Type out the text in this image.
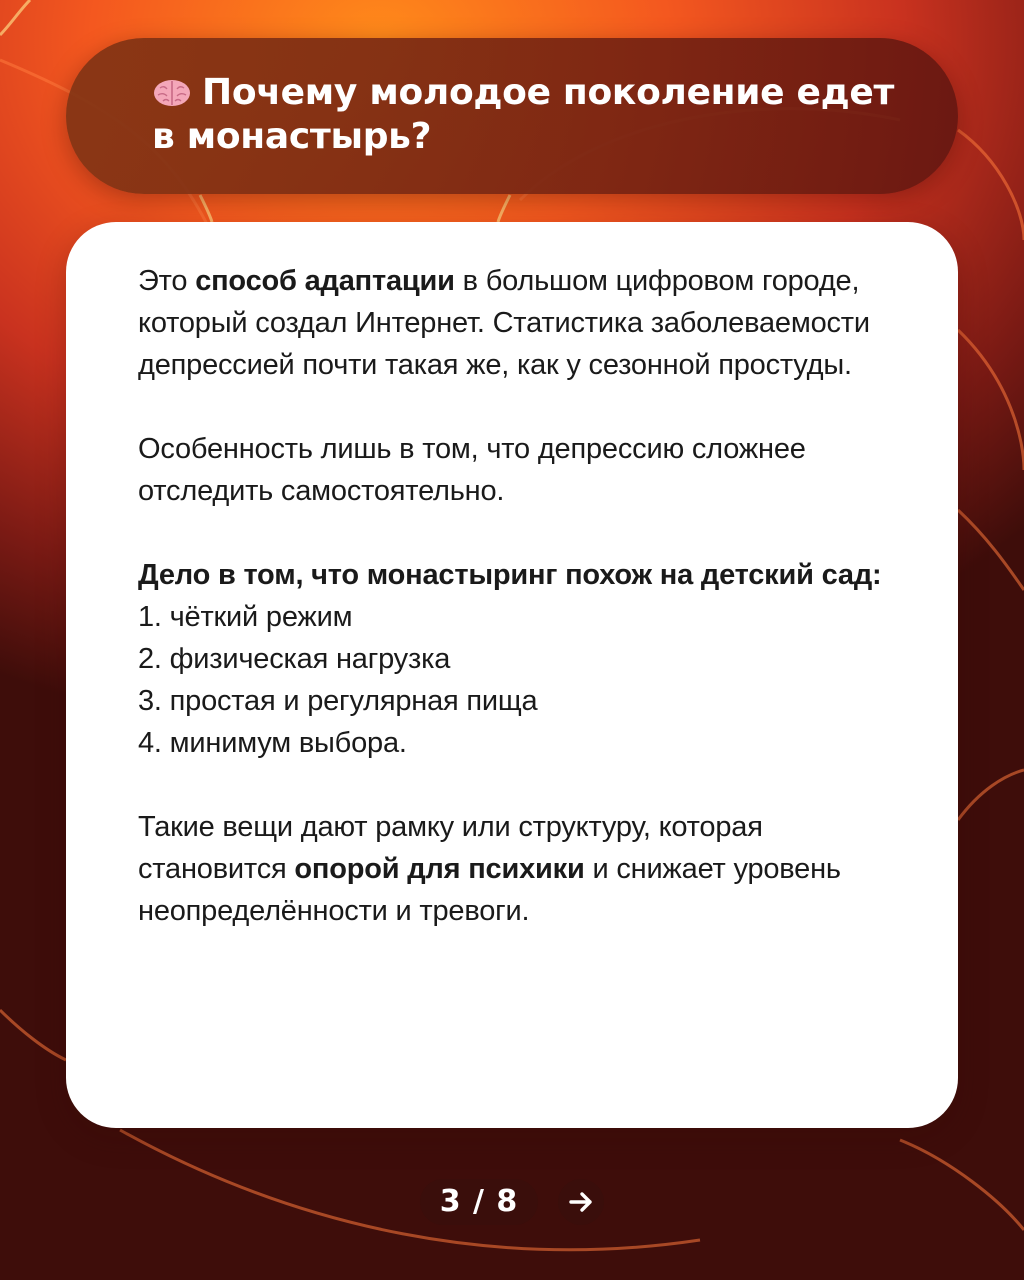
Почему молодое поколение едет в монастырь?

Это способ адаптации в большом цифровом городе, который создал Интернет. Статистика заболеваемости депрессией почти такая же, как у сезонной простуды.

Особенность лишь в том, что депрессию сложнее отследить самостоятельно.

Дело в том, что монастыринг похож на детский сад:
1. чёткий режим
2. физическая нагрузка
3. простая и регулярная пища
4. минимум выбора.

Такие вещи дают рамку или структуру, которая становится опорой для психики и снижает уровень неопределённости и тревоги.

3 / 8
